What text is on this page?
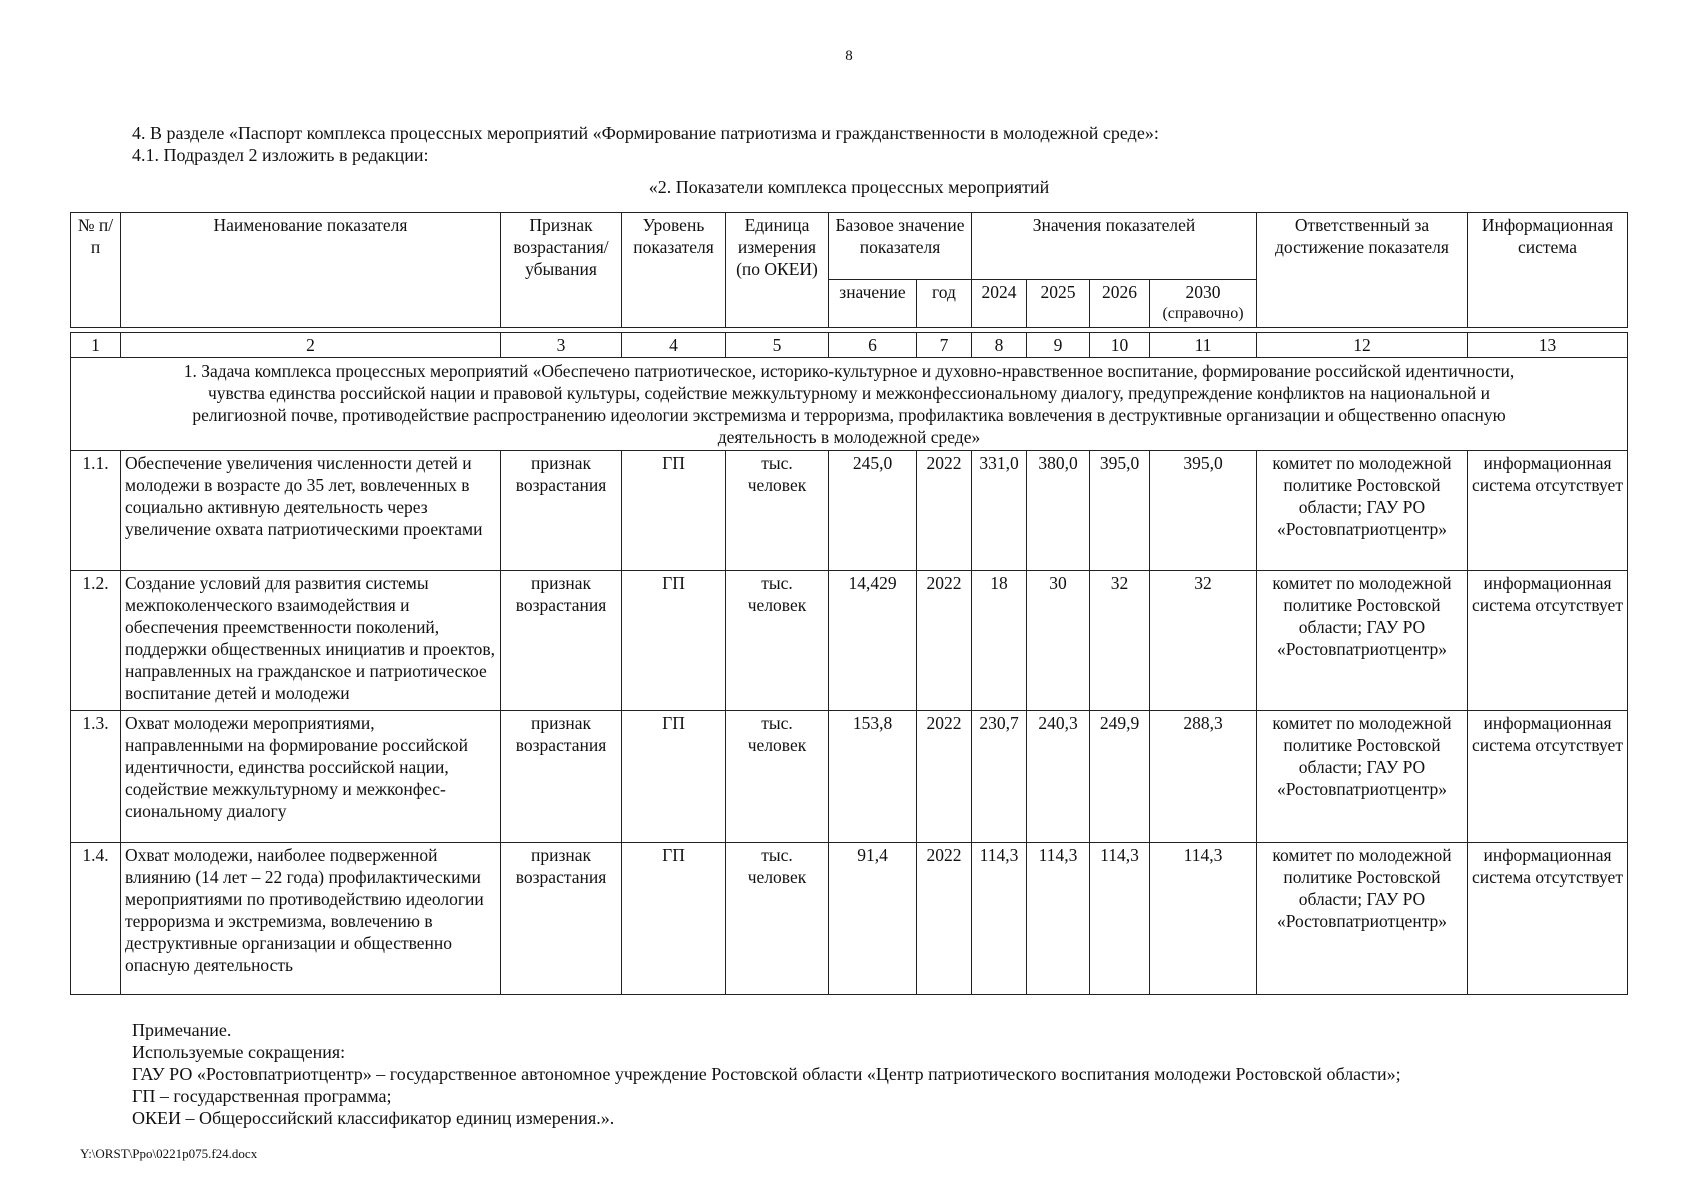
8
4. В разделе «Паспорт комплекса процессных мероприятий «Формирование патриотизма и гражданственности в молодежной среде»:
4.1. Подраздел 2 изложить в редакции:
«2. Показатели комплекса процессных мероприятий
№ п/п	Наименование показателя	Признак возрастания/ убывания	Уровень показателя	Единица измерения (по ОКЕИ)	Базовое значение показателя		Значения показателей				Ответственный за достижение показателя	Информационная система
					значение	год	2024	2025	2026	2030
(справочно)		
1	2	3	4	5	6	7	8	9	10	11	12	13
1. Задача комплекса процессных мероприятий «Обеспечено патриотическое, историко-культурное и духовно-нравственное воспитание, формирование российской идентичности, чувства единства российской нации и правовой культуры, содействие межкультурному и межконфессиональному диалогу, предупреждение конфликтов на национальной и религиозной почве, противодействие распространению идеологии экстремизма и терроризма, профилактика вовлечения в деструктивные организации и общественно опасную деятельность в молодежной среде»												
1.1.	Обеспечение увеличения численности детей и молодежи в возрасте до 35 лет, вовлеченных в социально активную деятельность через увеличение охвата патриотическими проектами	признак возрастания	ГП	тыс. человек	245,0	2022	331,0	380,0	395,0	395,0	комитет по молодежной политике Ростовской области; ГАУ РО «Ростовпатриотцентр»	информационная система отсутствует
1.2.	Создание условий для развития системы межпоколенческого взаимодействия и обеспечения преемственности поколений, поддержки общественных инициатив и проектов, направленных на гражданское и патриотическое воспитание детей и молодежи	признак возрастания	ГП	тыс. человек	14,429	2022	18	30	32	32	комитет по молодежной политике Ростовской области; ГАУ РО «Ростовпатриотцентр»	информационная система отсутствует
1.3.	Охват молодежи мероприятиями, направленными на формирование российской идентичности, единства российской нации, содействие межкультурному и межконфес-сиональному диалогу	признак возрастания	ГП	тыс. человек	153,8	2022	230,7	240,3	249,9	288,3	комитет по молодежной политике Ростовской области; ГАУ РО «Ростовпатриотцентр»	информационная система отсутствует
1.4.	Охват молодежи, наиболее подверженной влиянию (14 лет – 22 года) профилактическими мероприятиями по противодействию идеологии терроризма и экстремизма, вовлечению в деструктивные организации и общественно опасную деятельность	признак возрастания	ГП	тыс. человек	91,4	2022	114,3	114,3	114,3	114,3	комитет по молодежной политике Ростовской области; ГАУ РО «Ростовпатриотцентр»	информационная система отсутствует
Примечание.
Используемые сокращения:
ГАУ РО «Ростовпатриотцентр» – государственное автономное учреждение Ростовской области «Центр патриотического воспитания молодежи Ростовской области»;
ГП – государственная программа;
ОКЕИ – Общероссийский классификатор единиц измерения.».
Y:\ORST\Ppo\0221p075.f24.docx
